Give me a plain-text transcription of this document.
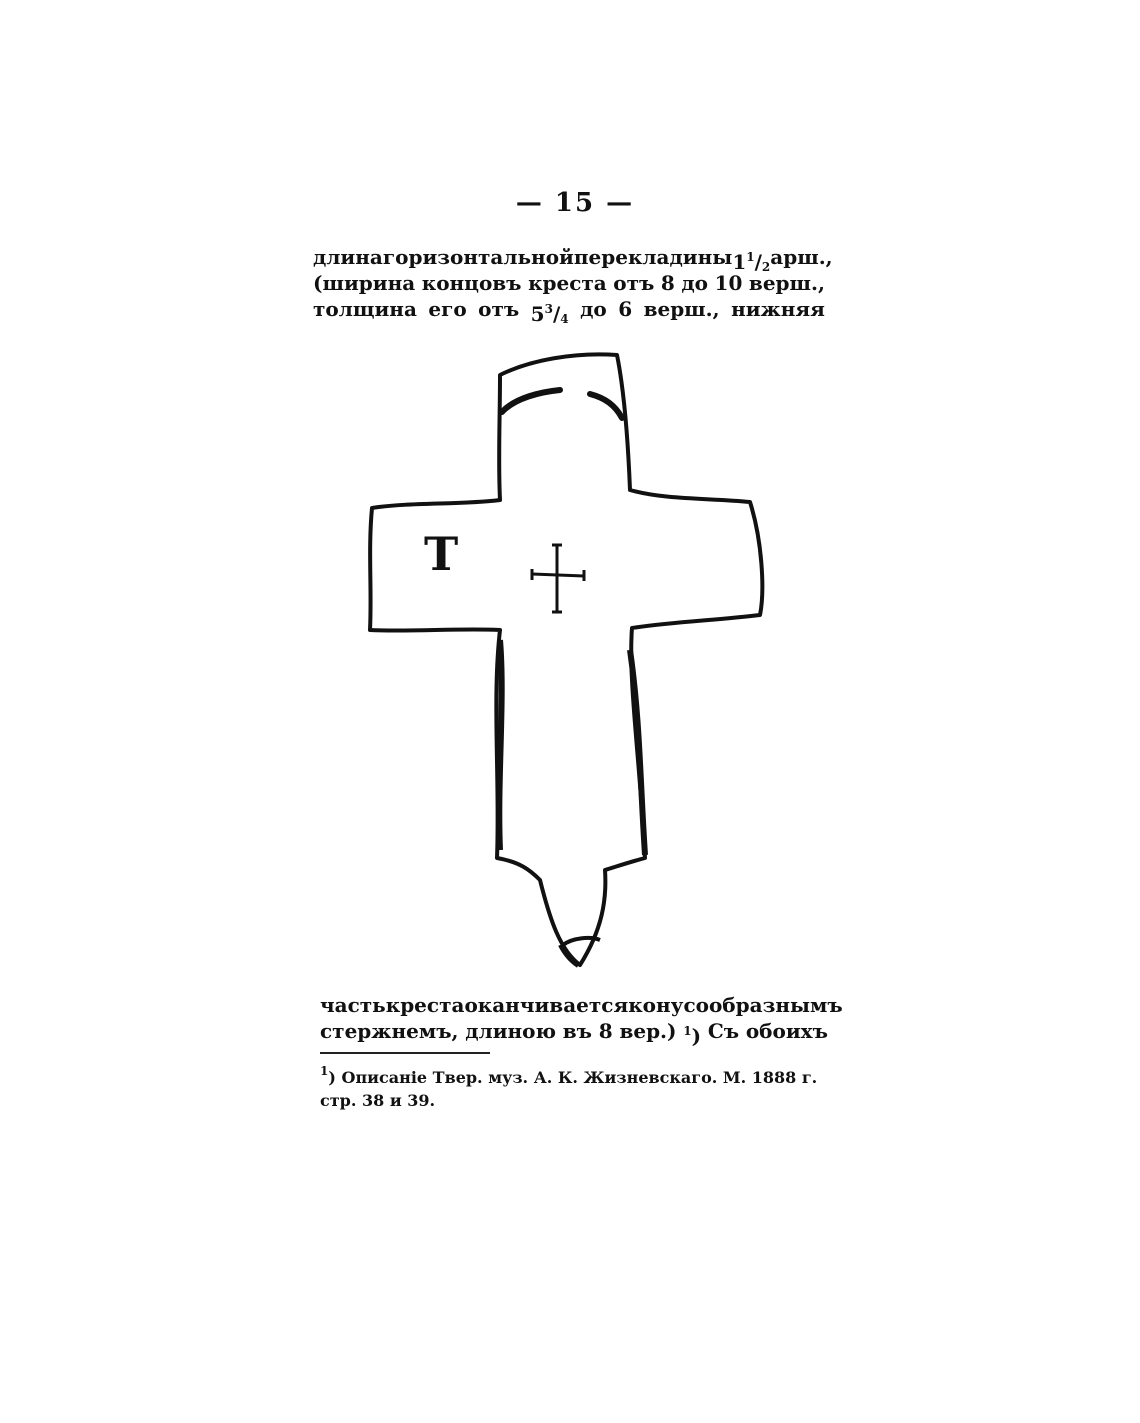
— 15 —
длина горизонтальной перекладины $1^1/2$ арш.,
(ширина концовъ креста отъ 8 до 10 верш.,
толщина его отъ $5^3/4$ до 6 верш., нижняя
Т
часть креста оканчивается конусообразнымъ
стержнемъ, длиною въ 8 вер.) $^1$) Съ обоихъ
$^1$) Описаніе Твер. муз. А. К. Жизневскаго. М. 1888 г.
стр. 38 и 39.
